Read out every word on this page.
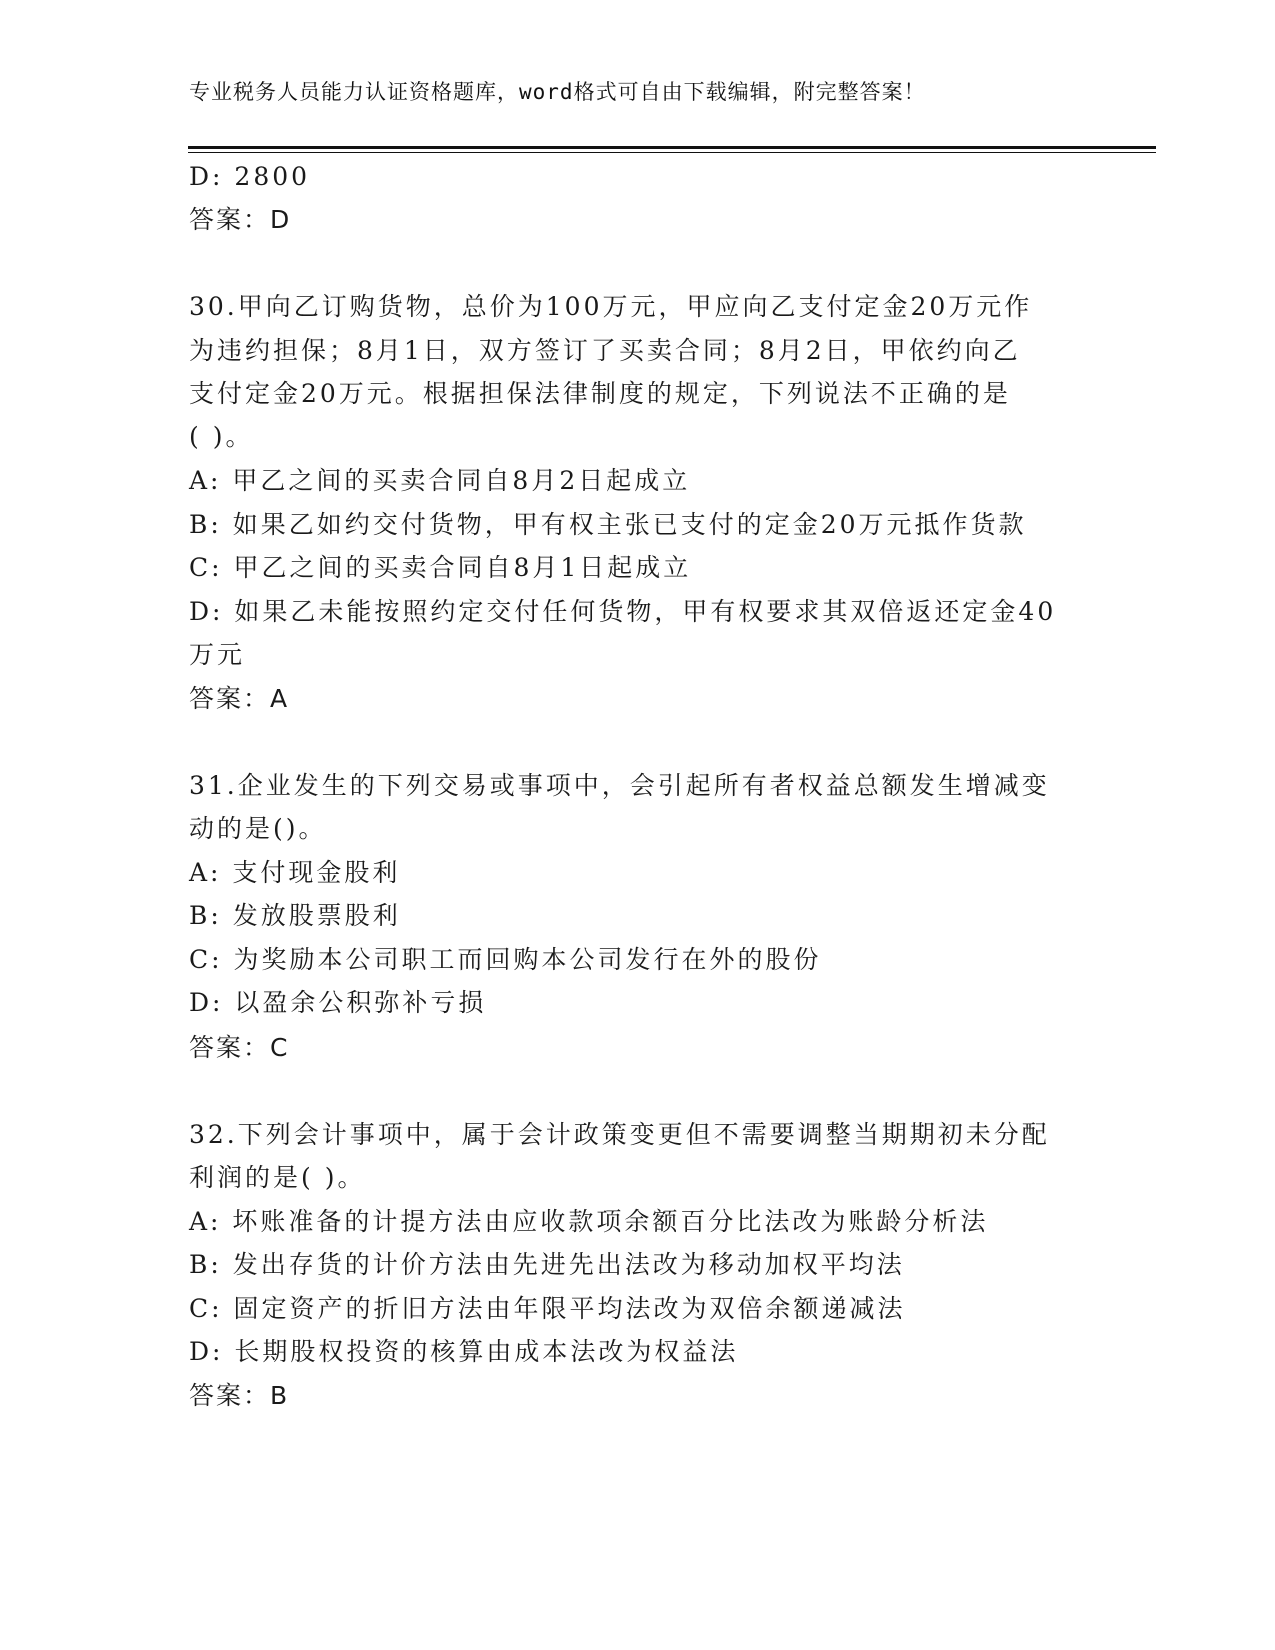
专业税务人员能力认证资格题库，word格式可自由下载编辑，附完整答案！
D: 2800
答案：D
30.甲向乙订购货物，总价为100万元，甲应向乙支付定金20万元作
为违约担保；8月1日，双方签订了买卖合同；8月2日，甲依约向乙
支付定金20万元。根据担保法律制度的规定，下列说法不正确的是
( )。
A: 甲乙之间的买卖合同自8月2日起成立
B: 如果乙如约交付货物，甲有权主张已支付的定金20万元抵作货款
C: 甲乙之间的买卖合同自8月1日起成立
D: 如果乙未能按照约定交付任何货物，甲有权要求其双倍返还定金40
万元
答案：A
31.企业发生的下列交易或事项中，会引起所有者权益总额发生增减变
动的是()。
A: 支付现金股利
B: 发放股票股利
C: 为奖励本公司职工而回购本公司发行在外的股份
D: 以盈余公积弥补亏损
答案：C
32.下列会计事项中，属于会计政策变更但不需要调整当期期初未分配
利润的是( )。
A: 坏账准备的计提方法由应收款项余额百分比法改为账龄分析法
B: 发出存货的计价方法由先进先出法改为移动加权平均法
C: 固定资产的折旧方法由年限平均法改为双倍余额递减法
D: 长期股权投资的核算由成本法改为权益法
答案：B
